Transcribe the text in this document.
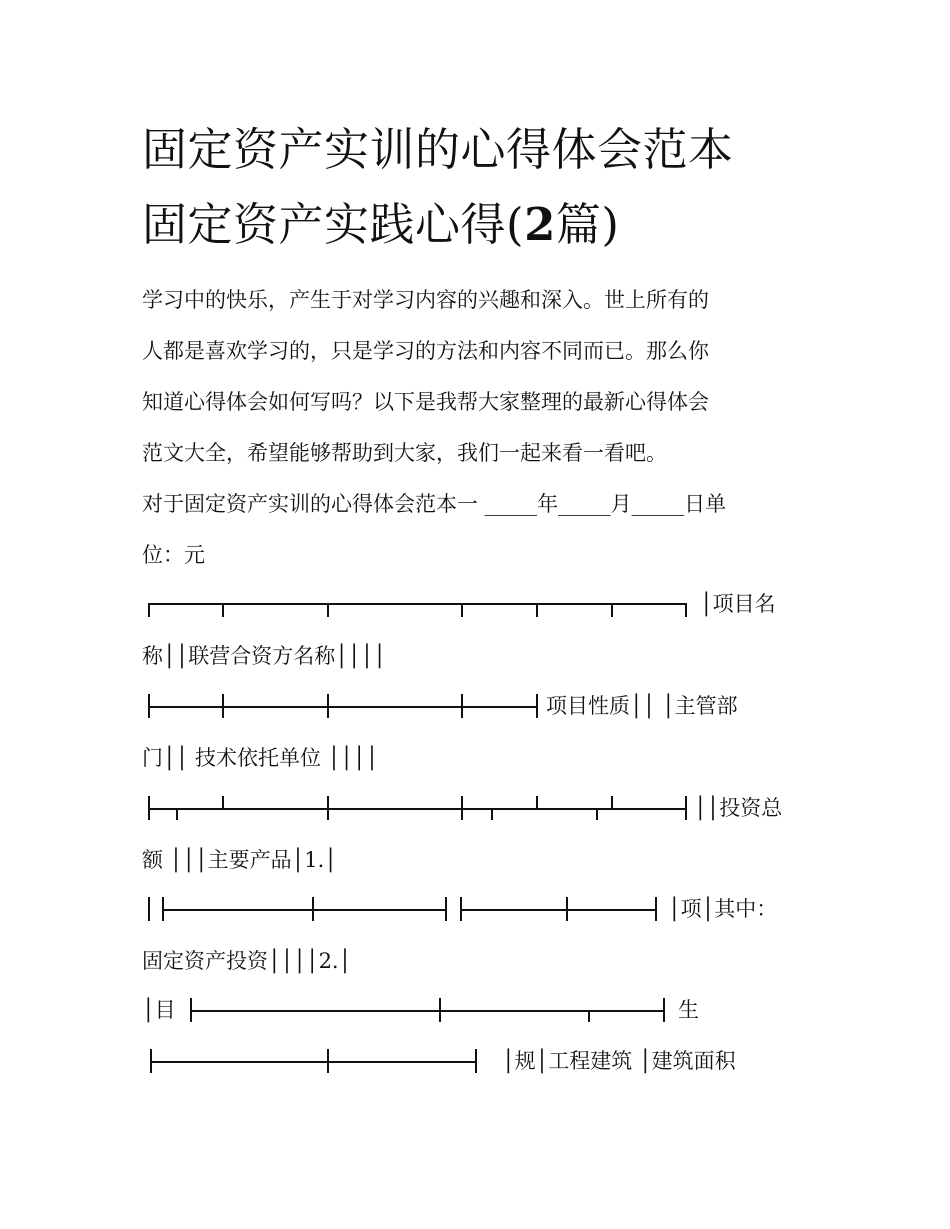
固定资产实训的心得体会范本
固定资产实践心得(2篇)

学习中的快乐，产生于对学习内容的兴趣和深入。世上所有的

人都是喜欢学习的，只是学习的方法和内容不同而已。那么你

知道心得体会如何写吗？以下是我帮大家整理的最新心得体会

范文大全，希望能够帮助到大家，我们一起来看一看吧。

对于固定资产实训的心得体会范本一 _____年_____月_____日单

位：元

│项目名

称││联营合资方名称││││

项目性质││ │主管部

门││ 技术依托单位 ││││

││投资总

额 │││主要产品│1.│

│项│其中：

固定资产投资││││2.│

│目	生
│规│工程建筑 │建筑面积
